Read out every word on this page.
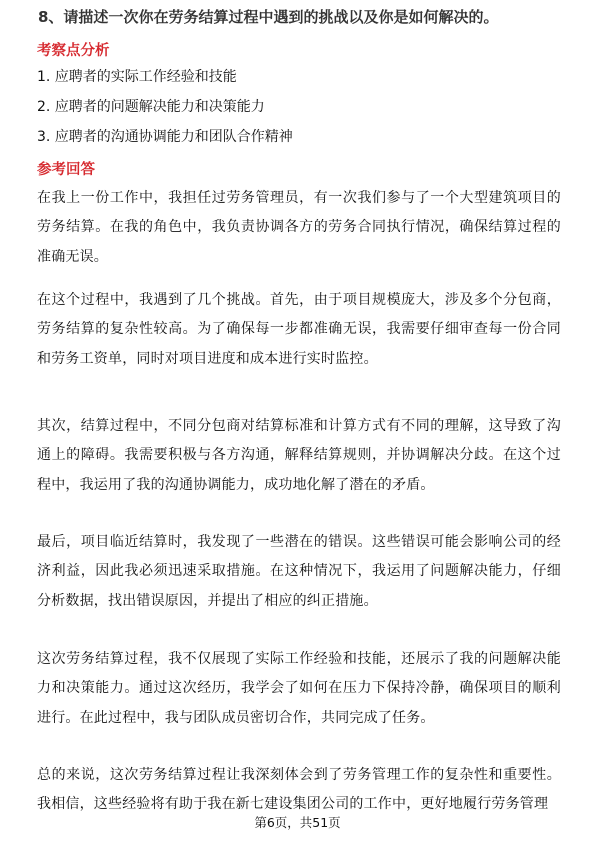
8、请描述一次你在劳务结算过程中遇到的挑战以及你是如何解决的。
考察点分析
1. 应聘者的实际工作经验和技能
2. 应聘者的问题解决能力和决策能力
3. 应聘者的沟通协调能力和团队合作精神
参考回答

在我上一份工作中，我担任过劳务管理员，有一次我们参与了一个大型建筑项目的劳务结算。在我的角色中，我负责协调各方的劳务合同执行情况，确保结算过程的准确无误。

在这个过程中，我遇到了几个挑战。首先，由于项目规模庞大，涉及多个分包商，劳务结算的复杂性较高。为了确保每一步都准确无误，我需要仔细审查每一份合同和劳务工资单，同时对项目进度和成本进行实时监控。

其次，结算过程中，不同分包商对结算标准和计算方式有不同的理解，这导致了沟通上的障碍。我需要积极与各方沟通，解释结算规则，并协调解决分歧。在这个过程中，我运用了我的沟通协调能力，成功地化解了潜在的矛盾。

最后，项目临近结算时，我发现了一些潜在的错误。这些错误可能会影响公司的经济利益，因此我必须迅速采取措施。在这种情况下，我运用了问题解决能力，仔细分析数据，找出错误原因，并提出了相应的纠正措施。

这次劳务结算过程，我不仅展现了实际工作经验和技能，还展示了我的问题解决能力和决策能力。通过这次经历，我学会了如何在压力下保持冷静，确保项目的顺利进行。在此过程中，我与团队成员密切合作，共同完成了任务。

总的来说，这次劳务结算过程让我深刻体会到了劳务管理工作的复杂性和重要性。我相信，这些经验将有助于我在新七建设集团公司的工作中，更好地履行劳务管理

第6页，共51页
